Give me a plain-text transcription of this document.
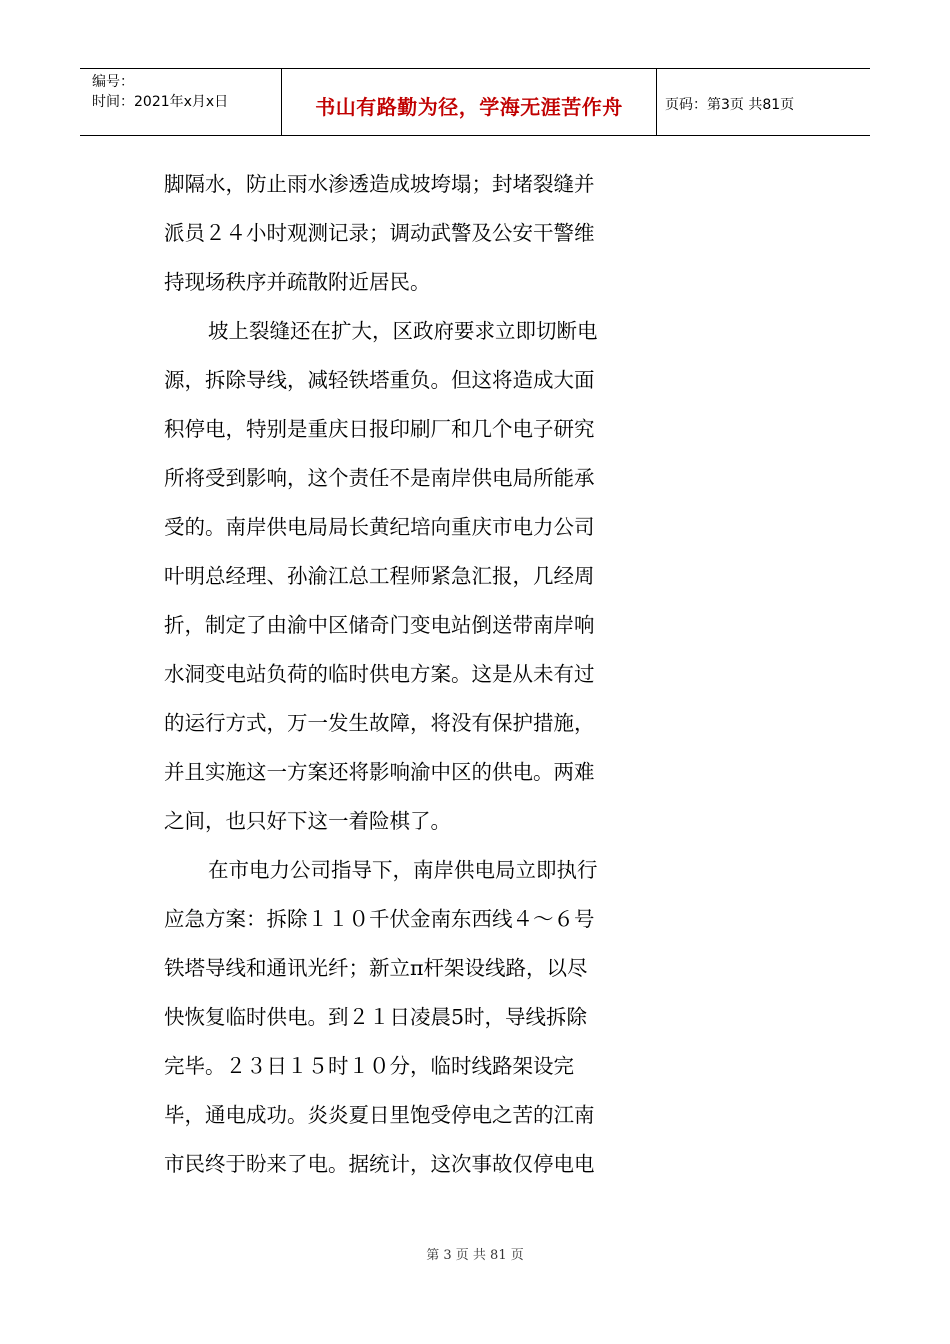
编号：
时间：2021年x月x日	书山有路勤为径，学海无涯苦作舟	页码：第3页 共81页

脚隔水，防止雨水渗透造成坡垮塌；封堵裂缝并
派员２４小时观测记录；调动武警及公安干警维
持现场秩序并疏散附近居民。

坡上裂缝还在扩大，区政府要求立即切断电
源，拆除导线，减轻铁塔重负。但这将造成大面
积停电，特别是重庆日报印刷厂和几个电子研究
所将受到影响，这个责任不是南岸供电局所能承
受的。南岸供电局局长黄纪培向重庆市电力公司
叶明总经理、孙渝江总工程师紧急汇报，几经周
折，制定了由渝中区储奇门变电站倒送带南岸响
水洞变电站负荷的临时供电方案。这是从未有过
的运行方式，万一发生故障，将没有保护措施，
并且实施这一方案还将影响渝中区的供电。两难
之间，也只好下这一着险棋了。

在市电力公司指导下，南岸供电局立即执行
应急方案：拆除１１０千伏金南东西线４～６号
铁塔导线和通讯光纤；新立π杆架设线路，以尽
快恢复临时供电。到２１日凌晨5时，导线拆除
完毕。２３日１５时１０分，临时线路架设完
毕，通电成功。炎炎夏日里饱受停电之苦的江南
市民终于盼来了电。据统计，这次事故仅停电电

第 3 页 共 81 页
